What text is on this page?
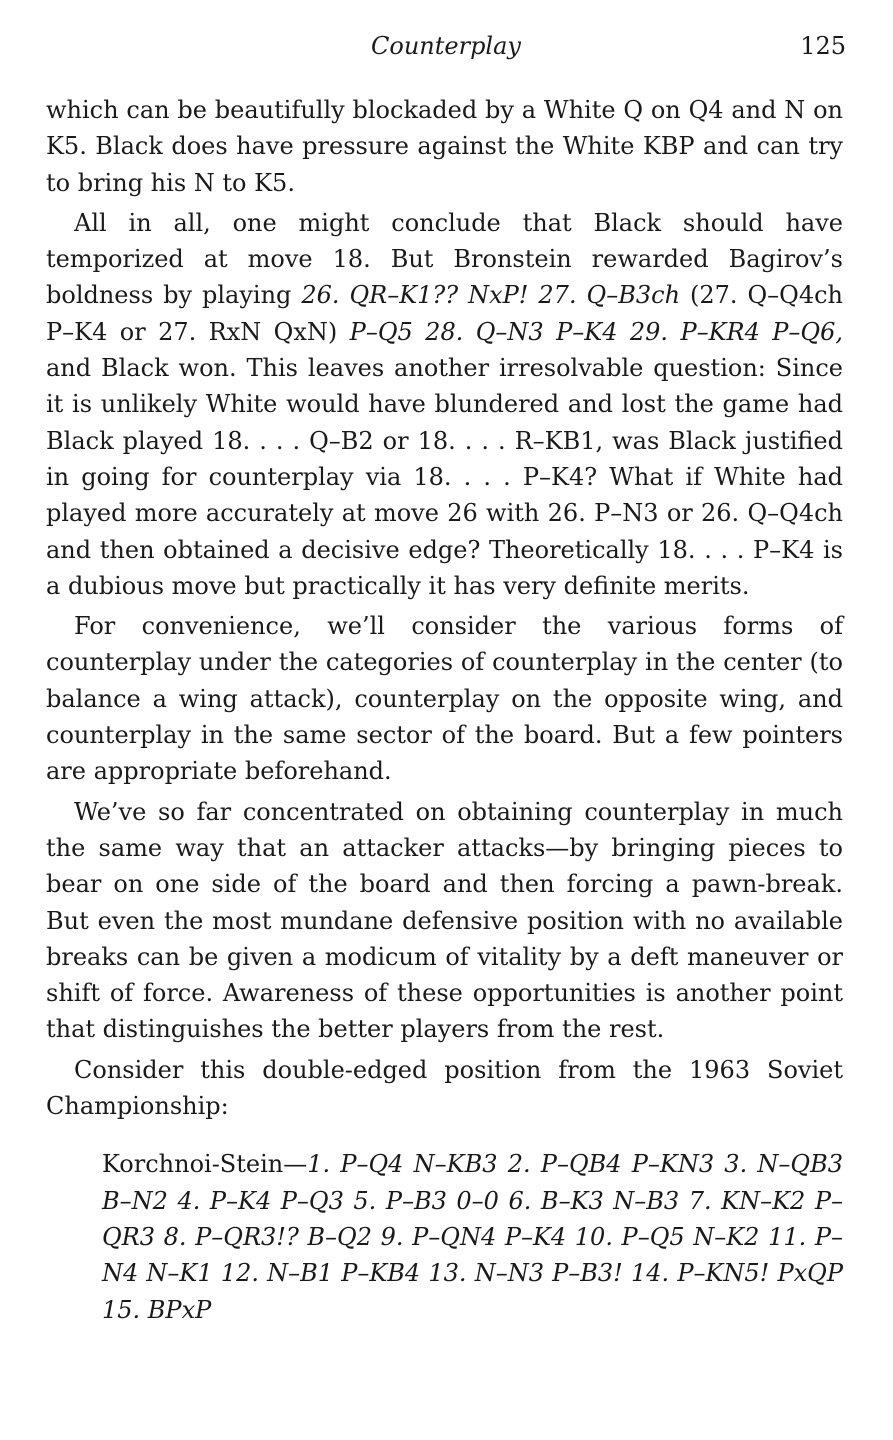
Counterplay	125

which can be beautifully blockaded by a White Q on Q4 and N on K5. Black does have pressure against the White KBP and can try to bring his N to K5.

All in all, one might conclude that Black should have temporized at move 18. But Bronstein rewarded Bagirov’s boldness by playing 26. QR–K1?? NxP! 27. Q–B3ch (27. Q–Q4ch P–K4 or 27. RxN QxN) P–Q5 28. Q–N3 P–K4 29. P–KR4 P–Q6, and Black won. This leaves another irresolvable question: Since it is unlikely White would have blundered and lost the game had Black played 18. . . . Q–B2 or 18. . . . R–KB1, was Black justified in going for counterplay via 18. . . . P–K4? What if White had played more accurately at move 26 with 26. P–N3 or 26. Q–Q4ch and then obtained a decisive edge? Theoretically 18. . . . P–K4 is a dubious move but practically it has very definite merits.

For convenience, we’ll consider the various forms of counterplay under the categories of counterplay in the center (to balance a wing attack), counterplay on the opposite wing, and counterplay in the same sector of the board. But a few pointers are appropriate beforehand.

We’ve so far concentrated on obtaining counterplay in much the same way that an attacker attacks—by bringing pieces to bear on one side of the board and then forcing a pawn-break. But even the most mundane defensive position with no available breaks can be given a modicum of vitality by a deft maneuver or shift of force. Awareness of these opportunities is another point that distinguishes the better players from the rest.

Consider this double-edged position from the 1963 Soviet Championship:

Korchnoi-Stein—1. P–Q4 N–KB3 2. P–QB4 P–KN3 3. N–QB3 B–N2 4. P–K4 P–Q3 5. P–B3 0–0 6. B–K3 N–B3 7. KN–K2 P–QR3 8. P–QR3!? B–Q2 9. P–QN4 P–K4 10. P–Q5 N–K2 11. P–N4 N–K1 12. N–B1 P–KB4 13. N–N3 P–B3! 14. P–KN5! PxQP 15. BPxP
